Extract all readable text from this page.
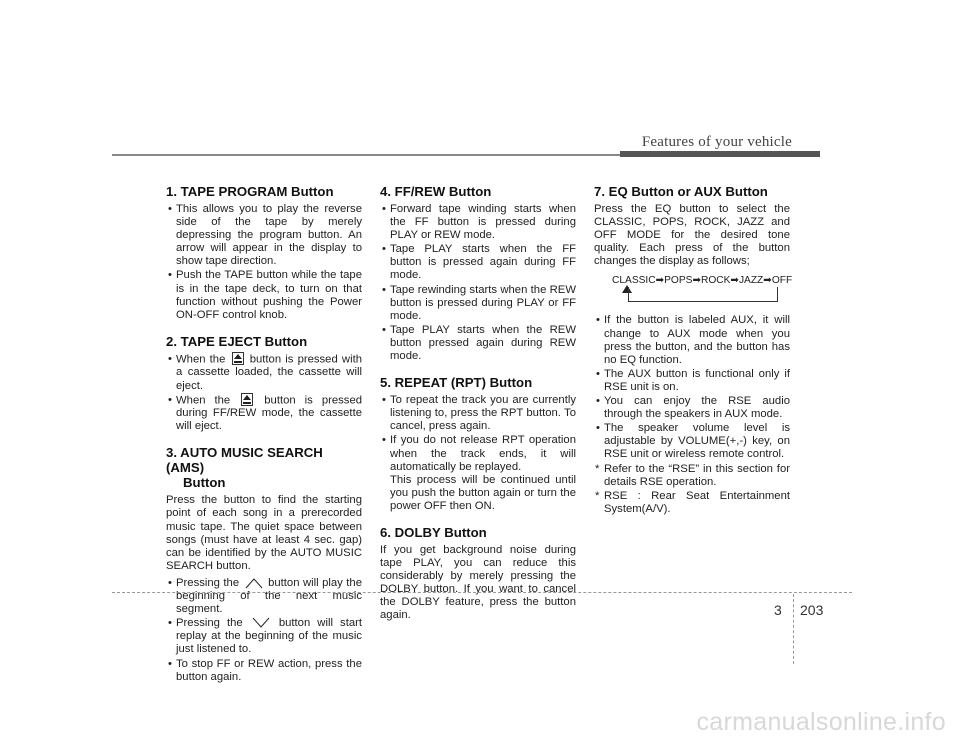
Features of your vehicle
1. TAPE PROGRAM Button
• This allows you to play the reverse side of the tape by merely depressing the program button. An arrow will appear in the display to show tape direction.
• Push the TAPE button while the tape is in the tape deck, to turn on that function without pushing the Power ON-OFF control knob.
2. TAPE EJECT Button
• When the button is pressed with a cassette loaded, the cassette will eject.
• When the	button is pressed during FF/REW mode, the cassette will eject.
3. AUTO MUSIC SEARCH (AMS)
Button

Press the button to find the starting point of each song in a prerecorded music tape. The quiet space between songs (must have at least 4 sec. gap) can be identified by the AUTO MUSIC SEARCH button.

• Pressing the	button will play the beginning of the next music segment.
• Pressing the	button will start replay at the beginning of the music just listened to.
• To stop FF or REW action, press the button again.
4. FF/REW Button
• Forward tape winding starts when the FF button is pressed during PLAY or REW mode.
• Tape PLAY starts when the FF button is pressed again during FF mode.
• Tape rewinding starts when the REW button is pressed during PLAY or FF mode.
• Tape PLAY starts when the REW button pressed again during REW mode.
5. REPEAT (RPT) Button
• To repeat the track you are currently listening to, press the RPT button. To cancel, press again.
• If you do not release RPT operation when the track ends, it will automatically be replayed.
This process will be continued until you push the button again or turn the power OFF then ON.
6. DOLBY Button

If you get background noise during tape PLAY, you can reduce this considerably by merely pressing the DOLBY button. If you want to cancel the DOLBY feature, press the button again.

7. EQ Button or AUX Button

Press the EQ button to select the CLASSIC, POPS, ROCK, JAZZ and OFF MODE for the desired tone quality. Each press of the button changes the display as follows;

CLASSIC➡POPS➡ROCK➡JAZZ➡OFF
• If the button is labeled AUX, it will change to AUX mode when you press the button, and the button has no EQ function.
• The AUX button is functional only if RSE unit is on.
• You can enjoy the RSE audio through the speakers in AUX mode.
• The speaker volume level is adjustable by VOLUME(+,-) key, on RSE unit or wireless remote control.
* Refer to the “RSE” in this section for details RSE operation.
* RSE : Rear Seat Entertainment System(A/V).
3 203
carmanualsonline.info
